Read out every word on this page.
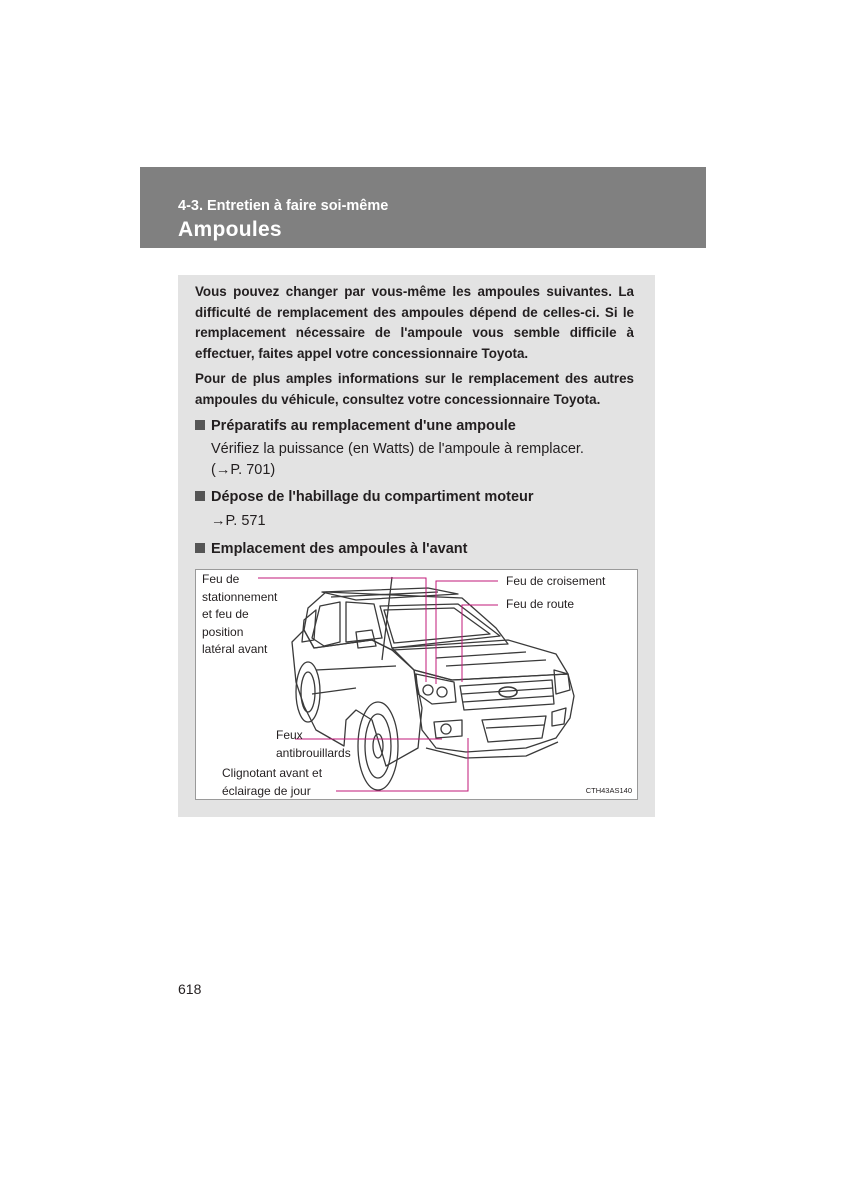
4-3. Entretien à faire soi-même
Ampoules

Vous pouvez changer par vous-même les ampoules suivantes. La difficulté de remplacement des ampoules dépend de celles-ci. Si le remplacement nécessaire de l'ampoule vous semble difficile à effectuer, faites appel votre concessionnaire Toyota.

Pour de plus amples informations sur le remplacement des autres ampoules du véhicule, consultez votre concessionnaire Toyota.

Préparatifs au remplacement d'une ampoule
Vérifiez la puissance (en Watts) de l'ampoule à remplacer.
(→P. 701)
Dépose de l'habillage du compartiment moteur
→P. 571
Emplacement des ampoules à l'avant
Feu de
stationnement
et feu de
position
latéral avant
Feu de croisement
Feu de route
Feux
antibrouillards
Clignotant avant et
éclairage de jour	CTH43AS140
618
